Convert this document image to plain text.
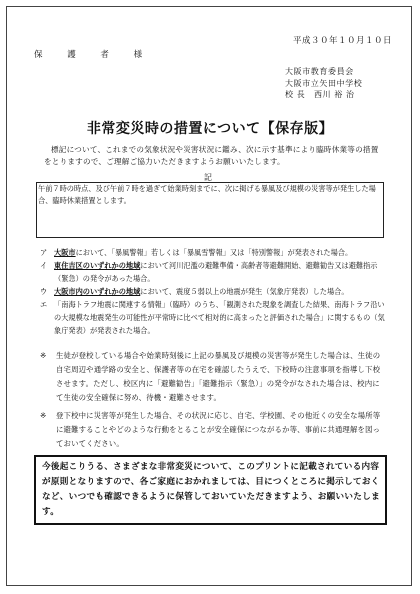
平成３０年１０月１０日
保 護 者 様
大阪市教育委員会
大阪市立矢田中学校
校 長　西川 裕 治
非常変災時の措置について【保存版】

標記について、これまでの気象状況や災害状況に鑑み、次に示す基準により臨時休業等の措置をとりますので、ご理解ご協力いただきますようお願いいたします。

記
午前７時の時点、及び午前７時を過ぎて始業時刻までに、次に掲げる暴風及び規模の災害等が発生した場合、臨時休業措置とします。
ア 大阪市において、「暴風警報」若しくは「暴風雪警報」又は「特別警報」が発表された場合。
イ 東住吉区のいずれかの地域において河川氾濫の避難準備・高齢者等避難開始、避難勧告又は避難指示（緊急）の発令があった場合。
ウ 大阪市内のいずれかの地域において、震度５弱以上の地震が発生（気象庁発表）した場合。
エ 「南海トラフ地震に関連する情報」（臨時）のうち、「観測された現象を調査した結果、南海トラフ沿いの大規模な地震発生の可能性が平常時に比べて相対的に高まったと評価された場合」に関するもの（気象庁発表）が発表された場合。
※	生徒が登校している場合や始業時刻後に上記の暴風及び規模の災害等が発生した場合は、生徒の自宅周辺や通学路の安全と、保護者等の在宅を確認したうえで、下校時の注意事項を指導し下校させます。ただし、校区内に「避難勧告」「避難指示（緊急）」の発令がなされた場合は、校内にて生徒の安全確保に努め、待機・避難させます。
※	登下校中に災害等が発生した場合、その状況に応じ、自宅、学校園、その他近くの安全な場所等に避難することやどのような行動をとることが安全確保につながるか等、事前に共通理解を図っておいてください。
今後起こりうる、さまざまな非常変災について、このプリントに記載されている内容が原則となりますので、各ご家庭におかれましては、目につくところに掲示しておくなど、いつでも確認できるように保管しておいていただきますよう、お願いいたします。
